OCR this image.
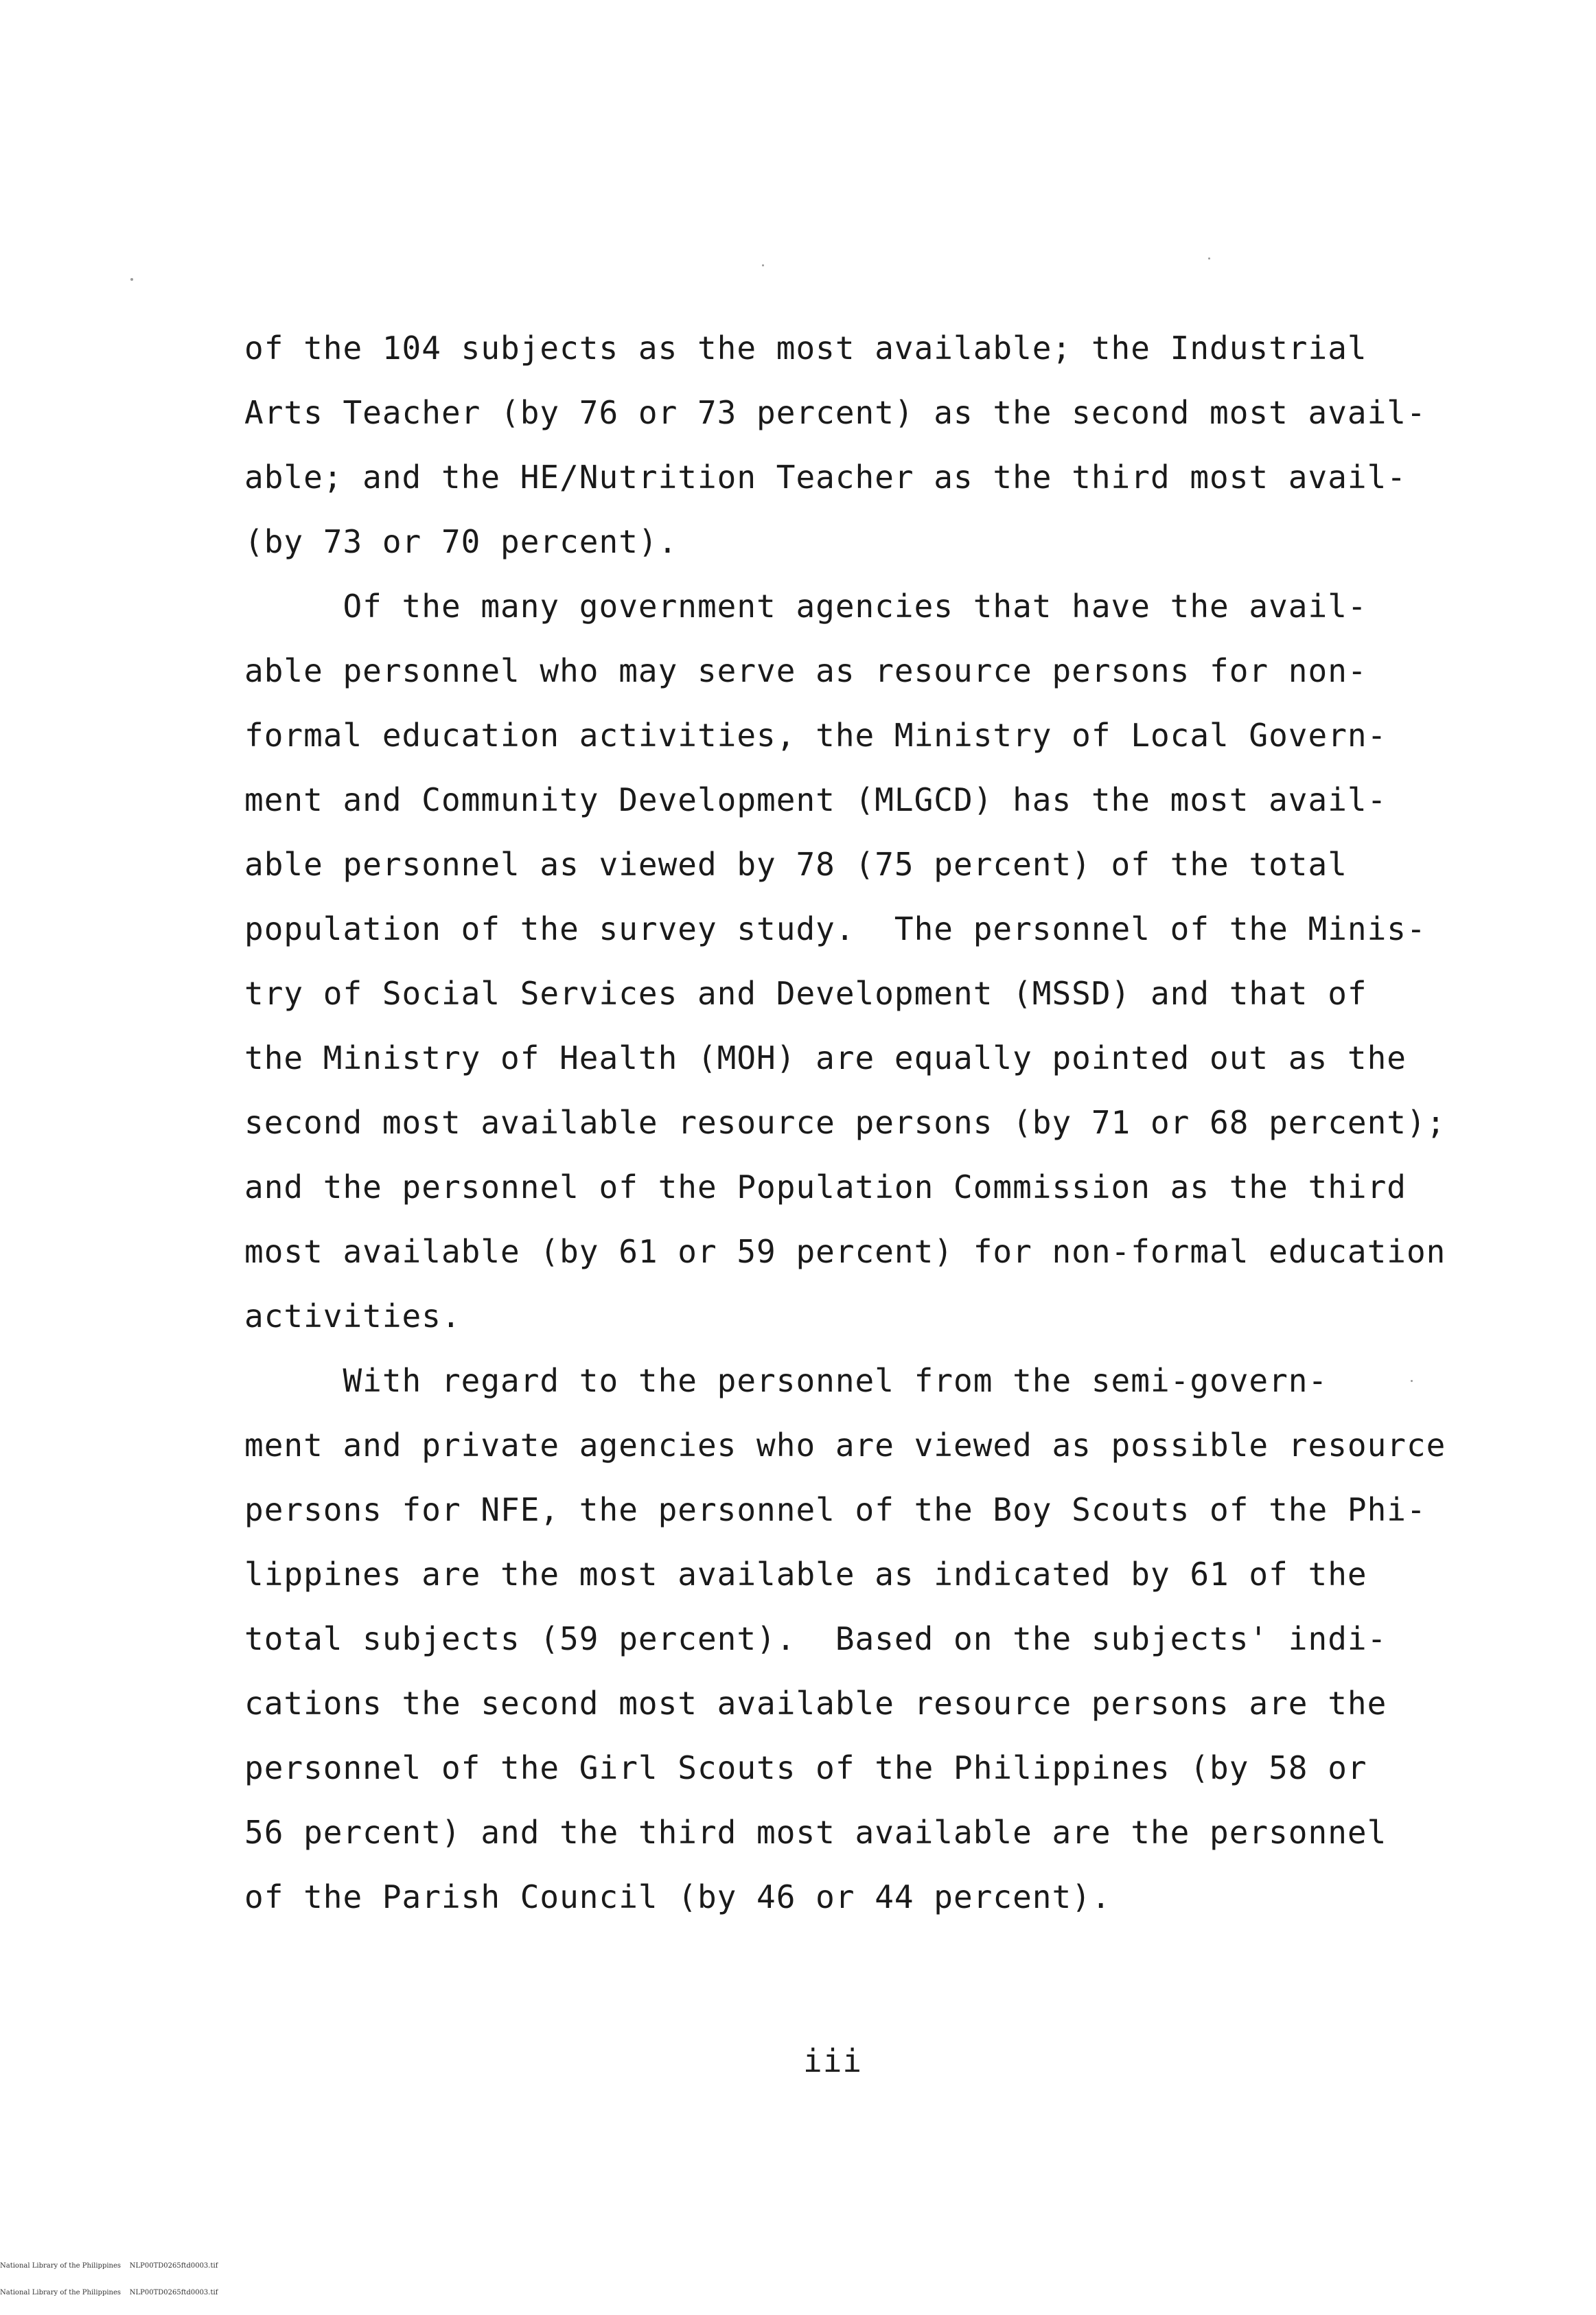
of the 104 subjects as the most available; the Industrial
Arts Teacher (by 76 or 73 percent) as the second most avail-
able; and the HE/Nutrition Teacher as the third most avail-
(by 73 or 70 percent).
Of the many government agencies that have the avail-
able personnel who may serve as resource persons for non-
formal education activities, the Ministry of Local Govern-
ment and Community Development (MLGCD) has the most avail-
able personnel as viewed by 78 (75 percent) of the total
population of the survey study.  The personnel of the Minis-
try of Social Services and Development (MSSD) and that of
the Ministry of Health (MOH) are equally pointed out as the
second most available resource persons (by 71 or 68 percent);
and the personnel of the Population Commission as the third
most available (by 61 or 59 percent) for non-formal education
activities.
With regard to the personnel from the semi-govern-
ment and private agencies who are viewed as possible resource
persons for NFE, the personnel of the Boy Scouts of the Phi-
lippines are the most available as indicated by 61 of the
total subjects (59 percent).  Based on the subjects' indi-
cations the second most available resource persons are the
personnel of the Girl Scouts of the Philippines (by 58 or
56 percent) and the third most available are the personnel
of the Parish Council (by 46 or 44 percent).
iii

National Library of the Philippines    NLP00TD0265ftd0003.tif

National Library of the Philippines    NLP00TD0265ftd0003.tif
